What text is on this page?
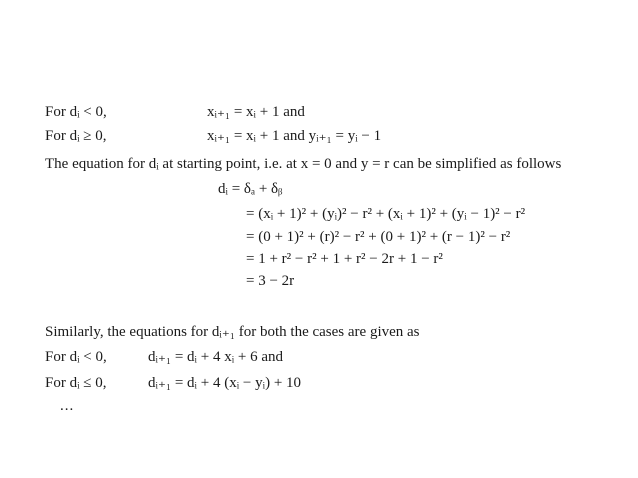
For dᵢ < 0,	xᵢ₊₁ = xᵢ + 1 and
For dᵢ ≥ 0,	xᵢ₊₁ = xᵢ + 1 and yᵢ₊₁ = yᵢ − 1
The equation for dᵢ at starting point, i.e. at x = 0 and y = r can be simplified as follows
dᵢ = δₐ + δᵦ
= (xᵢ + 1)² + (yᵢ)² − r² + (xᵢ + 1)² + (yᵢ − 1)² − r²
= (0 + 1)² + (r)² − r² + (0 + 1)² + (r − 1)² − r²
= 1 + r² − r² + 1 + r² − 2r + 1 − r²
= 3 − 2r
Similarly, the equations for dᵢ₊₁ for both the cases are given as
For dᵢ < 0,	dᵢ₊₁ = dᵢ + 4 xᵢ + 6 and
For dᵢ ≤ 0,	dᵢ₊₁ = dᵢ + 4 (xᵢ − yᵢ) + 10
...
